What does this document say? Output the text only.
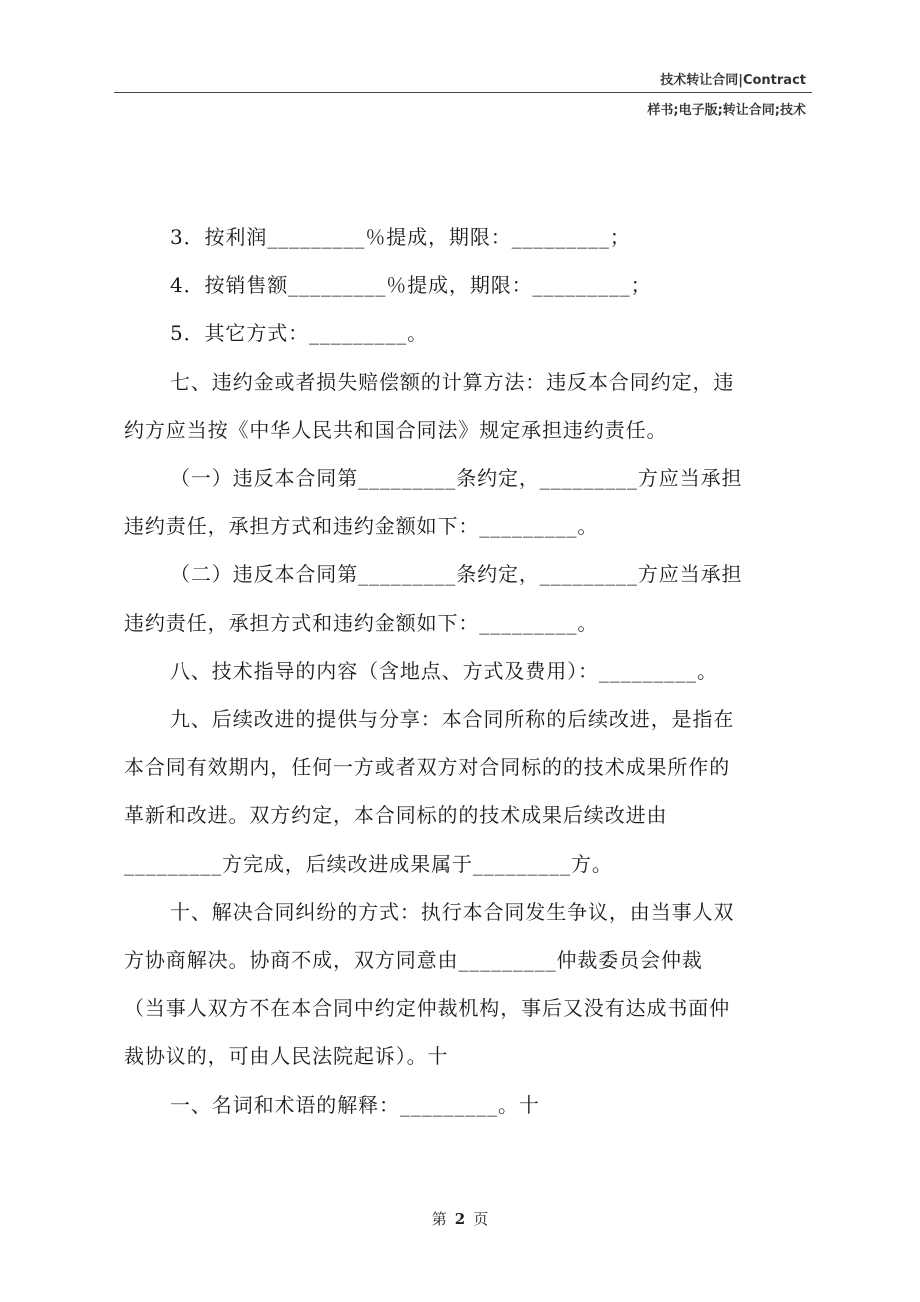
技术转让合同|Contract
样书;电子版;转让合同;技术

3．按利润_________％提成，期限：_________；

4．按销售额_________％提成，期限：_________；

5．其它方式：_________。

七、违约金或者损失赔偿额的计算方法：违反本合同约定，违

约方应当按《中华人民共和国合同法》规定承担违约责任。

（一）违反本合同第_________条约定，_________方应当承担

违约责任，承担方式和违约金额如下：_________。

（二）违反本合同第_________条约定，_________方应当承担

违约责任，承担方式和违约金额如下：_________。

八、技术指导的内容（含地点、方式及费用）：_________。

九、后续改进的提供与分享：本合同所称的后续改进，是指在

本合同有效期内，任何一方或者双方对合同标的的技术成果所作的

革新和改进。双方约定，本合同标的的技术成果后续改进由

_________方完成，后续改进成果属于_________方。

十、解决合同纠纷的方式：执行本合同发生争议，由当事人双

方协商解决。协商不成，双方同意由_________仲裁委员会仲裁

（当事人双方不在本合同中约定仲裁机构，事后又没有达成书面仲

裁协议的，可由人民法院起诉）。十

一、名词和术语的解释：_________。十

第 2 页
